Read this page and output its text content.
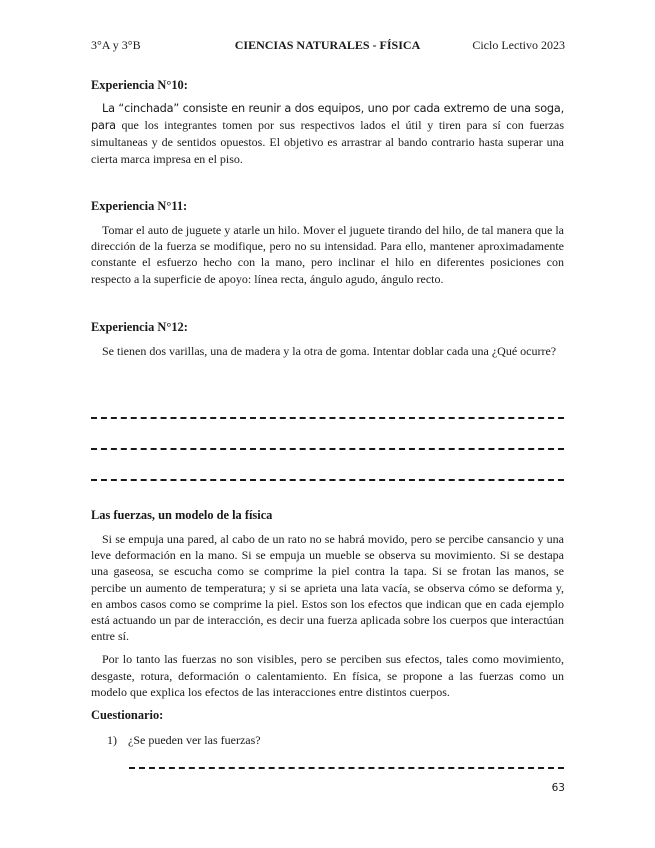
3°A y 3°B	CIENCIAS NATURALES - FÍSICA	Ciclo Lectivo 2023

Experiencia N°10:

La “cinchada” consiste en reunir a dos equipos, uno por cada extremo de una soga, para que los integrantes tomen por sus respectivos lados el útil y tiren para sí con fuerzas simultaneas y de sentidos opuestos. El objetivo es arrastrar al bando contrario hasta superar una cierta marca impresa en el piso.

Experiencia N°11:

Tomar el auto de juguete y atarle un hilo. Mover el juguete tirando del hilo, de tal manera que la dirección de la fuerza se modifique, pero no su intensidad. Para ello, mantener aproximadamente constante el esfuerzo hecho con la mano, pero inclinar el hilo en diferentes posiciones con respecto a la superficie de apoyo: línea recta, ángulo agudo, ángulo recto.

Experiencia N°12:

Se tienen dos varillas, una de madera y la otra de goma. Intentar doblar cada una ¿Qué ocurre?

Las fuerzas, un modelo de la física

Si se empuja una pared, al cabo de un rato no se habrá movido, pero se percibe cansancio y una leve deformación en la mano. Si se empuja un mueble se observa su movimiento. Si se destapa una gaseosa, se escucha como se comprime la piel contra la tapa. Si se frotan las manos, se percibe un aumento de temperatura; y si se aprieta una lata vacía, se observa cómo se deforma y, en ambos casos como se comprime la piel. Estos son los efectos que indican que en cada ejemplo está actuando un par de interacción, es decir una fuerza aplicada sobre los cuerpos que interactúan entre sí.

Por lo tanto las fuerzas no son visibles, pero se perciben sus efectos, tales como movimiento, desgaste, rotura, deformación o calentamiento. En física, se propone a las fuerzas como un modelo que explica los efectos de las interacciones entre distintos cuerpos.

Cuestionario:

1) ¿Se pueden ver las fuerzas?
63
